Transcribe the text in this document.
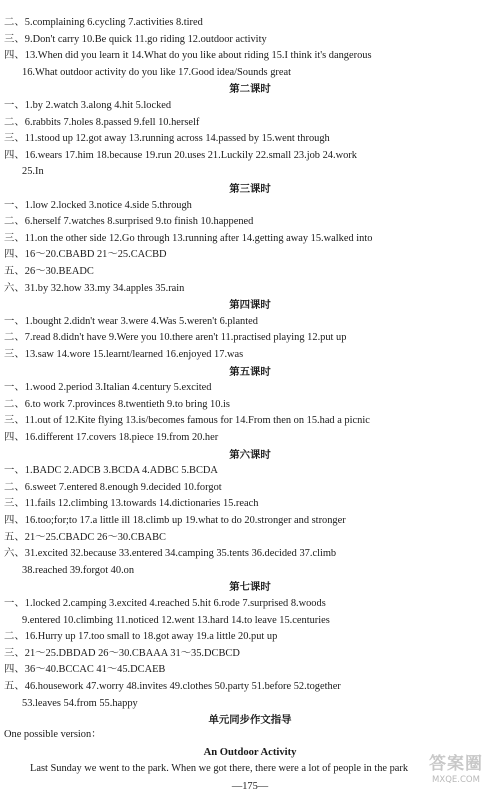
二、5.complaining 6.cycling 7.activities 8.tired
三、9.Don't carry 10.Be quick 11.go riding 12.outdoor activity
四、13.When did you learn it 14.What do you like about riding 15.I think it's dangerous
16.What outdoor activity do you like 17.Good idea/Sounds great
第二课时
一、1.by 2.watch 3.along 4.hit 5.locked
二、6.rabbits 7.holes 8.passed 9.fell 10.herself
三、11.stood up 12.got away 13.running across 14.passed by 15.went through
四、16.wears 17.him 18.because 19.run 20.uses 21.Luckily 22.small 23.job 24.work
25.In
第三课时
一、1.low 2.locked 3.notice 4.side 5.through
二、6.herself 7.watches 8.surprised 9.to finish 10.happened
三、11.on the other side 12.Go through 13.running after 14.getting away 15.walked into
四、16～20.CBABD 21～25.CACBD
五、26～30.BEADC
六、31.by 32.how 33.my 34.apples 35.rain
第四课时
一、1.bought 2.didn't wear 3.were 4.Was 5.weren't 6.planted
二、7.read 8.didn't have 9.Were you 10.there aren't 11.practised playing 12.put up
三、13.saw 14.wore 15.learnt/learned 16.enjoyed 17.was
第五课时
一、1.wood 2.period 3.Italian 4.century 5.excited
二、6.to work 7.provinces 8.twentieth 9.to bring 10.is
三、11.out of 12.Kite flying 13.is/becomes famous for 14.From then on 15.had a picnic
四、16.different 17.covers 18.piece 19.from 20.her
第六课时
一、1.BADC 2.ADCB 3.BCDA 4.ADBC 5.BCDA
二、6.sweet 7.entered 8.enough 9.decided 10.forgot
三、11.fails 12.climbing 13.towards 14.dictionaries 15.reach
四、16.too;for;to 17.a little ill 18.climb up 19.what to do 20.stronger and stronger
五、21～25.CBADC 26～30.CBABC
六、31.excited 32.because 33.entered 34.camping 35.tents 36.decided 37.climb
38.reached 39.forgot 40.on
第七课时
一、1.locked 2.camping 3.excited 4.reached 5.hit 6.rode 7.surprised 8.woods
9.entered 10.climbing 11.noticed 12.went 13.hard 14.to leave 15.centuries
二、16.Hurry up 17.too small to 18.got away 19.a little 20.put up
三、21～25.DBDAD 26～30.CBAAA 31～35.DCBCD
四、36～40.BCCAC 41～45.DCAEB
五、46.housework 47.worry 48.invites 49.clothes 50.party 51.before 52.together
53.leaves 54.from 55.happy
单元同步作文指导
One possible version：
An Outdoor Activity
Last Sunday we went to the park. When we got there, there were a lot of people in the park
—175—
答案圈
MXQE.COM
